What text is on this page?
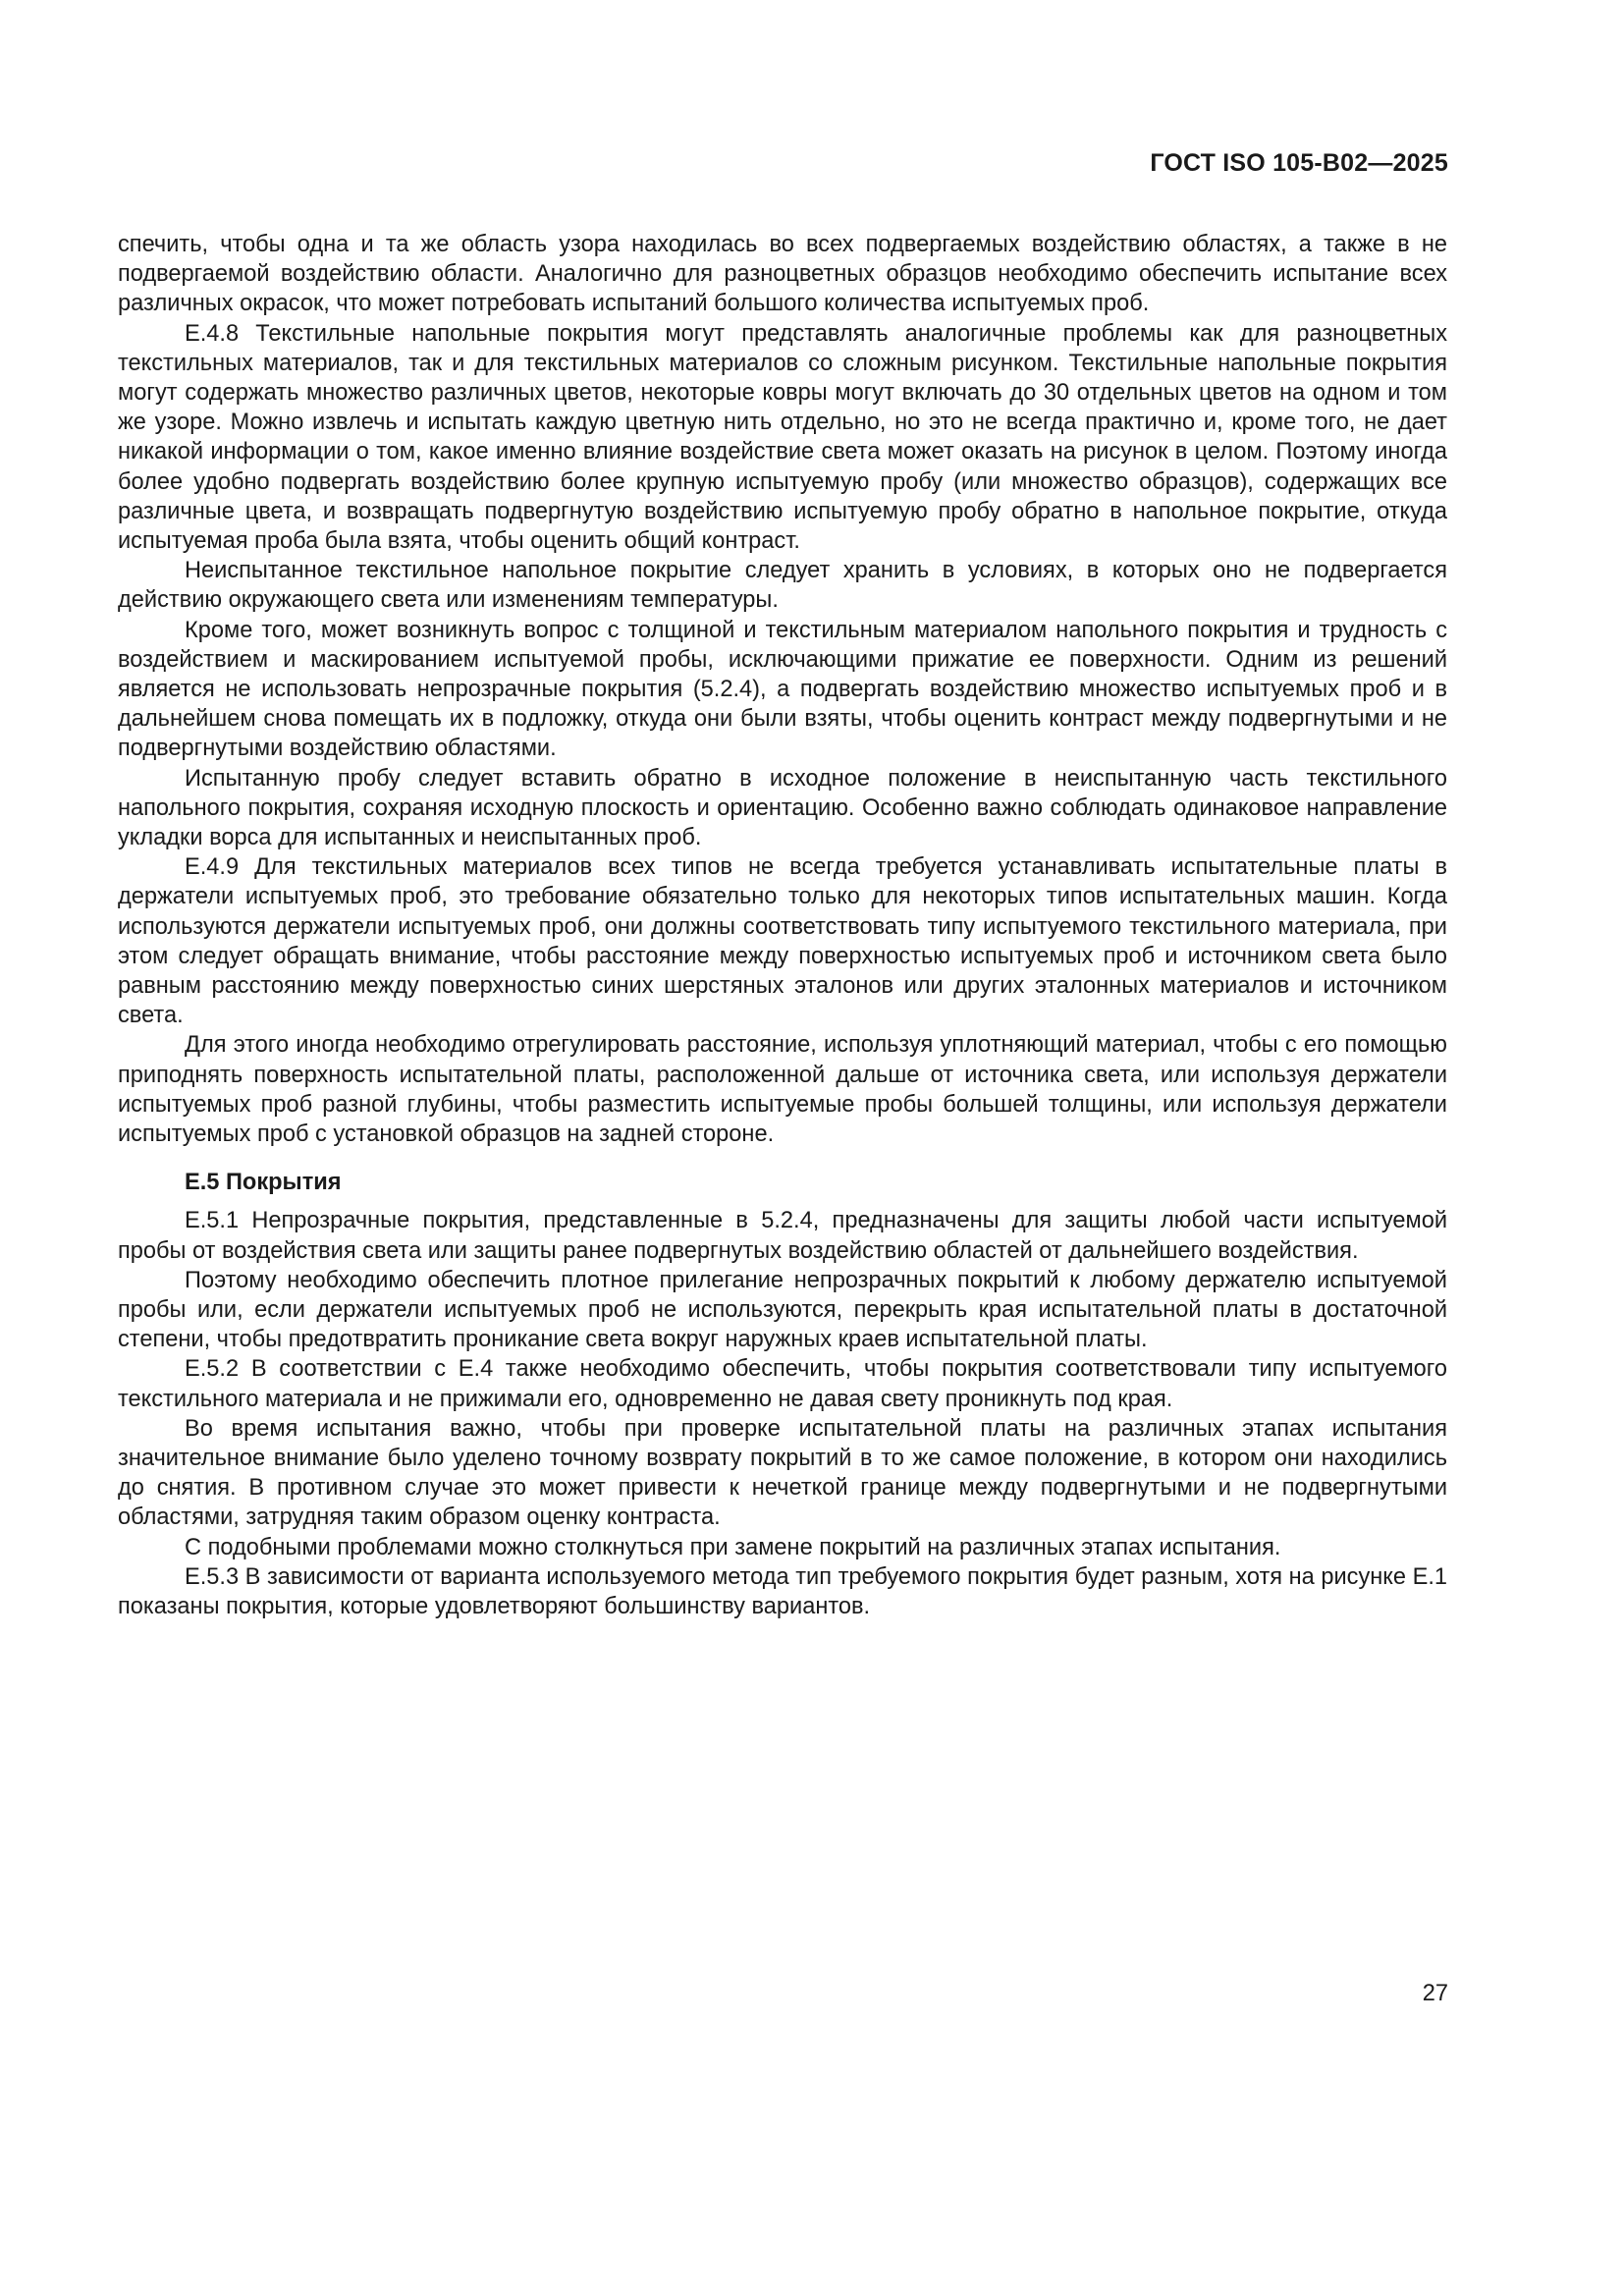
ГОСТ ISO 105-B02—2025

спечить, чтобы одна и та же область узора находилась во всех подвергаемых воздействию областях, а также в не подвергаемой воздействию области. Аналогично для разноцветных образцов необходимо обеспечить испытание всех различных окрасок, что может потребовать испытаний большого количества испытуемых проб.

Е.4.8 Текстильные напольные покрытия могут представлять аналогичные проблемы как для разноцветных текстильных материалов, так и для текстильных материалов со сложным рисунком. Текстильные напольные покрытия могут содержать множество различных цветов, некоторые ковры могут включать до 30 отдельных цветов на одном и том же узоре. Можно извлечь и испытать каждую цветную нить отдельно, но это не всегда практично и, кроме того, не дает никакой информации о том, какое именно влияние воздействие света может оказать на рисунок в целом. Поэтому иногда более удобно подвергать воздействию более крупную испытуемую пробу (или множество образцов), содержащих все различные цвета, и возвращать подвергнутую воздействию испытуемую пробу обратно в напольное покрытие, откуда испытуемая проба была взята, чтобы оценить общий контраст.

Неиспытанное текстильное напольное покрытие следует хранить в условиях, в которых оно не подвергается действию окружающего света или изменениям температуры.

Кроме того, может возникнуть вопрос с толщиной и текстильным материалом напольного покрытия и трудность с воздействием и маскированием испытуемой пробы, исключающими прижатие ее поверхности. Одним из решений является не использовать непрозрачные покрытия (5.2.4), а подвергать воздействию множество испытуемых проб и в дальнейшем снова помещать их в подложку, откуда они были взяты, чтобы оценить контраст между подвергнутыми и не подвергнутыми воздействию областями.

Испытанную пробу следует вставить обратно в исходное положение в неиспытанную часть текстильного напольного покрытия, сохраняя исходную плоскость и ориентацию. Особенно важно соблюдать одинаковое направление укладки ворса для испытанных и неиспытанных проб.

Е.4.9 Для текстильных материалов всех типов не всегда требуется устанавливать испытательные платы в держатели испытуемых проб, это требование обязательно только для некоторых типов испытательных машин. Когда используются держатели испытуемых проб, они должны соответствовать типу испытуемого текстильного материала, при этом следует обращать внимание, чтобы расстояние между поверхностью испытуемых проб и источником света было равным расстоянию между поверхностью синих шерстяных эталонов или других эталонных материалов и источником света.

Для этого иногда необходимо отрегулировать расстояние, используя уплотняющий материал, чтобы с его помощью приподнять поверхность испытательной платы, расположенной дальше от источника света, или используя держатели испытуемых проб разной глубины, чтобы разместить испытуемые пробы большей толщины, или используя держатели испытуемых проб с установкой образцов на задней стороне.

Е.5 Покрытия

Е.5.1 Непрозрачные покрытия, представленные в 5.2.4, предназначены для защиты любой части испытуемой пробы от воздействия света или защиты ранее подвергнутых воздействию областей от дальнейшего воздействия.

Поэтому необходимо обеспечить плотное прилегание непрозрачных покрытий к любому держателю испытуемой пробы или, если держатели испытуемых проб не используются, перекрыть края испытательной платы в достаточной степени, чтобы предотвратить проникание света вокруг наружных краев испытательной платы.

Е.5.2 В соответствии с Е.4 также необходимо обеспечить, чтобы покрытия соответствовали типу испытуемого текстильного материала и не прижимали его, одновременно не давая свету проникнуть под края.

Во время испытания важно, чтобы при проверке испытательной платы на различных этапах испытания значительное внимание было уделено точному возврату покрытий в то же самое положение, в котором они находились до снятия. В противном случае это может привести к нечеткой границе между подвергнутыми и не подвергнутыми областями, затрудняя таким образом оценку контраста.

С подобными проблемами можно столкнуться при замене покрытий на различных этапах испытания.

Е.5.3 В зависимости от варианта используемого метода тип требуемого покрытия будет разным, хотя на рисунке Е.1 показаны покрытия, которые удовлетворяют большинству вариантов.

27
